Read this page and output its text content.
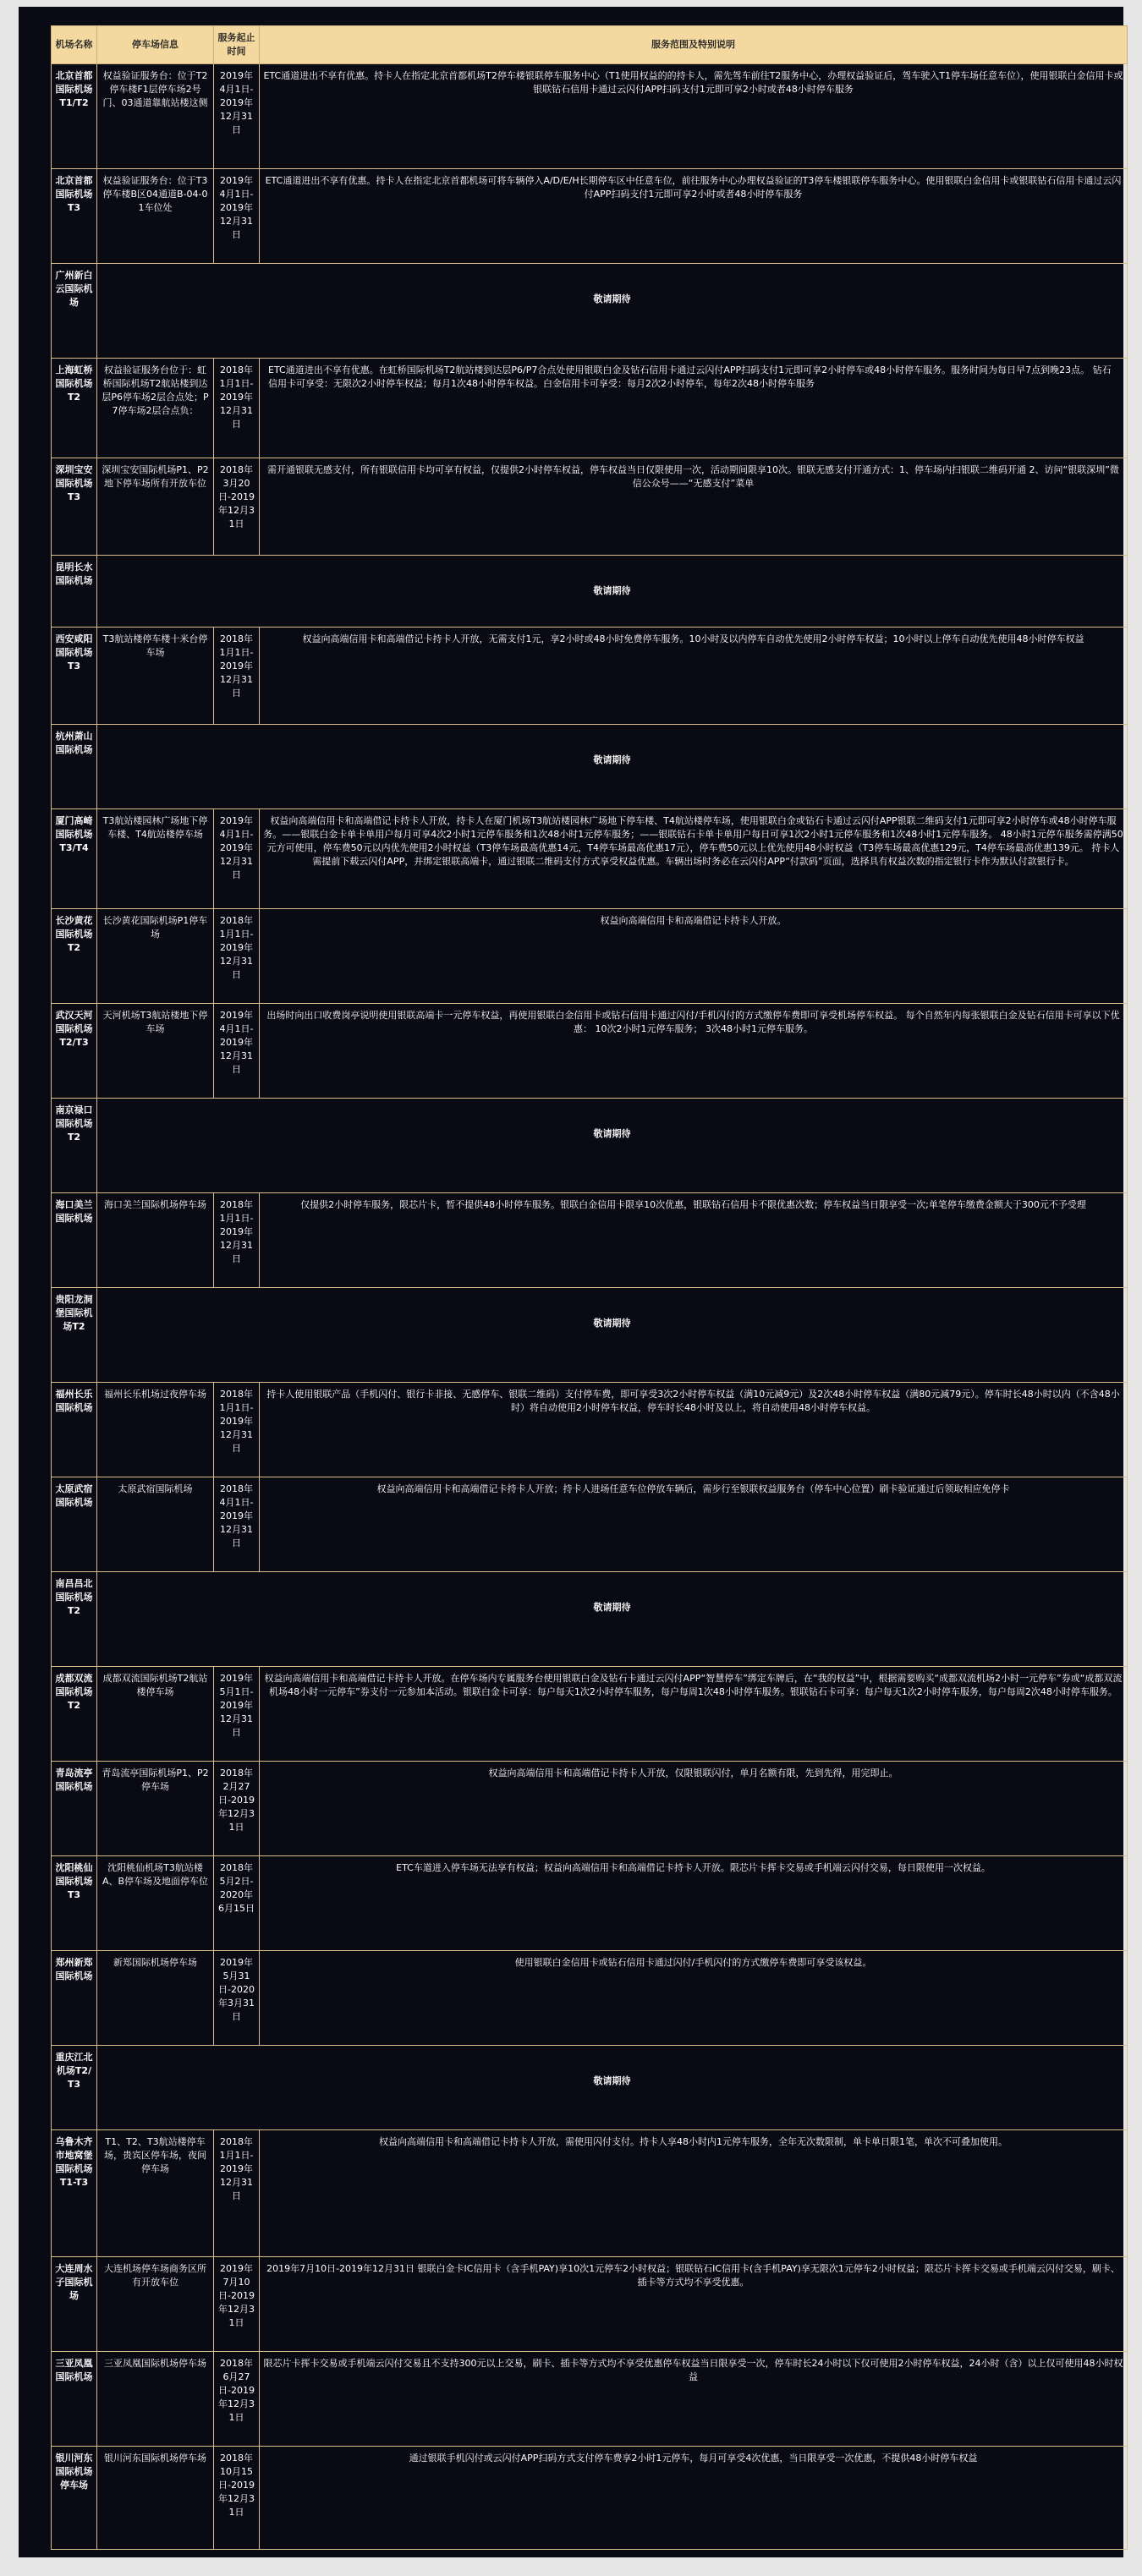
机场名称	停车场信息	服务起止时间	服务范围及特别说明
北京首都国际机场T1/T2	权益验证服务台：位于T2停车楼F1层停车场2号门、03通道靠航站楼这侧	2019年4月1日-2019年12月31日	ETC通道进出不享有优惠。持卡人在指定北京首都机场T2停车楼银联停车服务中心（T1使用权益的的持卡人，需先驾车前往T2服务中心，办理权益验证后，驾车驶入T1停车场任意车位），使用银联白金信用卡或银联钻石信用卡通过云闪付APP扫码支付1元即可享2小时或者48小时停车服务
北京首都国际机场T3	权益验证服务台：位于T3停车楼B区04通道B-04-01车位处	2019年4月1日-2019年12月31日	ETC通道进出不享有优惠。持卡人在指定北京首都机场可将车辆停入A/D/E/H长期停车区中任意车位，前往服务中心办理权益验证的T3停车楼银联停车服务中心。使用银联白金信用卡或银联钻石信用卡通过云闪付APP扫码支付1元即可享2小时或者48小时停车服务
广州新白云国际机场	敬请期待		
上海虹桥国际机场T2	权益验证服务台位于：虹桥国际机场T2航站楼到达层P6停车场2层合点处；P7停车场2层合点负：	2018年1月1日-2019年12月31日	ETC通道进出不享有优惠。在虹桥国际机场T2航站楼到达层P6/P7合点处使用银联白金及钻石信用卡通过云闪付APP扫码支付1元即可享2小时停车或48小时停车服务。服务时间为每日早7点到晚23点。 钻石信用卡可享受：无限次2小时停车权益；每月1次48小时停车权益。白金信用卡可享受：每月2次2小时停车，每年2次48小时停车服务
深圳宝安国际机场T3	深圳宝安国际机场P1、P2地下停车场所有开放车位	2018年3月20日-2019年12月31日	需开通银联无感支付，所有银联信用卡均可享有权益，仅提供2小时停车权益，停车权益当日仅限使用一次，活动期间限享10次。银联无感支付开通方式：1、停车场内扫银联二维码开通 2、访问“银联深圳”微信公众号——“无感支付”菜单
昆明长水国际机场	敬请期待		
西安咸阳国际机场T3	T3航站楼停车楼十米台停车场	2018年1月1日-2019年12月31日	权益向高端信用卡和高端借记卡持卡人开放，无需支付1元，享2小时或48小时免费停车服务。10小时及以内停车自动优先使用2小时停车权益；10小时以上停车自动优先使用48小时停车权益
杭州萧山国际机场	敬请期待		
厦门高崎国际机场T3/T4	T3航站楼园林广场地下停车楼、T4航站楼停车场	2019年4月1日-2019年12月31日	权益向高端信用卡和高端借记卡持卡人开放，持卡人在厦门机场T3航站楼园林广场地下停车楼、T4航站楼停车场，使用银联白金或钻石卡通过云闪付APP银联二维码支付1元即可享2小时停车或48小时停车服务。——银联白金卡单卡单用户每月可享4次2小时1元停车服务和1次48小时1元停车服务；——银联钻石卡单卡单用户每日可享1次2小时1元停车服务和1次48小时1元停车服务。 48小时1元停车服务需停满50元方可使用，停车费50元以内优先使用2小时权益（T3停车场最高优惠14元，T4停车场最高优惠17元），停车费50元以上优先使用48小时权益（T3停车场最高优惠129元，T4停车场最高优惠139元。 持卡人需提前下载云闪付APP，并绑定银联高端卡，通过银联二维码支付方式享受权益优惠。车辆出场时务必在云闪付APP“付款码”页面，选择具有权益次数的指定银行卡作为默认付款银行卡。
长沙黄花国际机场T2	长沙黄花国际机场P1停车场	2018年1月1日-2019年12月31日	权益向高端信用卡和高端借记卡持卡人开放。
武汉天河国际机场T2/T3	天河机场T3航站楼地下停车场	2019年4月1日-2019年12月31日	出场时向出口收费岗亭说明使用银联高端卡一元停车权益，再使用银联白金信用卡或钻石信用卡通过闪付/手机闪付的方式缴停车费即可享受机场停车权益。 每个自然年内每张银联白金及钻石信用卡可享以下优惠： 10次2小时1元停车服务； 3次48小时1元停车服务。
南京禄口国际机场T2	敬请期待		
海口美兰国际机场	海口美兰国际机场停车场	2018年1月1日-2019年12月31日	仅提供2小时停车服务，限芯片卡，暂不提供48小时停车服务。银联白金信用卡限享10次优惠，银联钻石信用卡不限优惠次数；停车权益当日限享受一次;单笔停车缴费金额大于300元不予受理
贵阳龙洞堡国际机场T2	敬请期待		
福州长乐国际机场	福州长乐机场过夜停车场	2018年1月1日-2019年12月31日	持卡人使用银联产品（手机闪付、银行卡非接、无感停车、银联二维码）支付停车费，即可享受3次2小时停车权益（满10元减9元）及2次48小时停车权益（满80元减79元）。停车时长48小时以内（不含48小时）将自动使用2小时停车权益，停车时长48小时及以上，将自动使用48小时停车权益。
太原武宿国际机场	太原武宿国际机场	2018年4月1日-2019年12月31日	权益向高端信用卡和高端借记卡持卡人开放；持卡人进场任意车位停放车辆后，需步行至银联权益服务台（停车中心位置）刷卡验证通过后领取相应免停卡
南昌昌北国际机场T2	敬请期待		
成都双流国际机场T2	成都双流国际机场T2航站楼停车场	2019年5月1日-2019年12月31日	权益向高端信用卡和高端借记卡持卡人开放。在停车场内专属服务台使用银联白金及钻石卡通过云闪付APP“智慧停车”绑定车牌后，在“我的权益”中，根据需要购买“成都双流机场2小时一元停车”券或“成都双流机场48小时一元停车”券支付一元参加本活动。银联白金卡可享：每户每天1次2小时停车服务，每户每周1次48小时停车服务。银联钻石卡可享：每户每天1次2小时停车服务，每户每周2次48小时停车服务。
青岛流亭国际机场	青岛流亭国际机场P1、P2停车场	2018年2月27日-2019年12月31日	权益向高端信用卡和高端借记卡持卡人开放，仅限银联闪付，单月名额有限，先到先得，用完即止。
沈阳桃仙国际机场T3	沈阳桃仙机场T3航站楼A、B停车场及地面停车位	2018年5月2日-2020年6月15日	ETC车道进入停车场无法享有权益；权益向高端信用卡和高端借记卡持卡人开放。限芯片卡挥卡交易或手机端云闪付交易，每日限使用一次权益。
郑州新郑国际机场	新郑国际机场停车场	2019年5月31日-2020年3月31日	使用银联白金信用卡或钻石信用卡通过闪付/手机闪付的方式缴停车费即可享受该权益。
重庆江北机场T2/T3	敬请期待		
乌鲁木齐市地窝堡国际机场T1-T3	T1、T2、T3航站楼停车场，贵宾区停车场，夜间停车场	2018年1月1日-2019年12月31日	权益向高端信用卡和高端借记卡持卡人开放，需使用闪付支付。持卡人享48小时内1元停车服务，全年无次数限制，单卡单日限1笔，单次不可叠加使用。
大连周水子国际机场	大连机场停车场商务区所有开放车位	2019年7月10日-2019年12月31日	2019年7月10日-2019年12月31日 银联白金卡IC信用卡（含手机PAY)享10次1元停车2小时权益；银联钻石IC信用卡(含手机PAY)享无限次1元停车2小时权益；限芯片卡挥卡交易或手机端云闪付交易，刷卡、插卡等方式均不享受优惠。
三亚凤凰国际机场	三亚凤凰国际机场停车场	2018年6月27日-2019年12月31日	限芯片卡挥卡交易或手机端云闪付交易且不支持300元以上交易，刷卡、插卡等方式均不享受优惠停车权益当日限享受一次，停车时长24小时以下仅可使用2小时停车权益，24小时（含）以上仅可使用48小时权益
银川河东国际机场停车场	银川河东国际机场停车场	2018年10月15日-2019年12月31日	通过银联手机闪付或云闪付APP扫码方式支付停车费享2小时1元停车，每月可享受4次优惠，当日限享受一次优惠，不提供48小时停车权益
